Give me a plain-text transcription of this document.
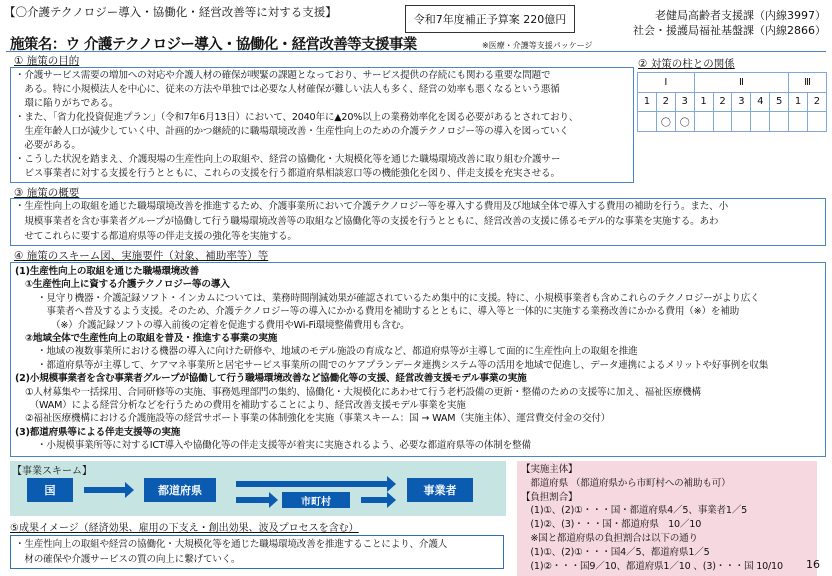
【〇介護テクノロジー導入・協働化・経営改善等に対する支援】
令和7年度補正予算案 220億円	老健局高齢者支援課（内線3997）
社会・援護局福祉基盤課（内線2866）
施策名：ウ 介護テクノロジー導入・協働化・経営改善等支援事業	※医療・介護等支援パッケージ
① 施策の目的
・介護サービス需要の増加への対応や介護人材の確保が喫緊の課題となっており、サービス提供の存続にも関わる重要な問題で
　ある。特に小規模法人を中心に、従来の方法や単独では必要な人材確保が難しい法人も多く、経営の効率も悪くなるという悪循
　環に陥りがちである。
・また、「省力化投資促進プラン」（令和7年6月13日）において、2040年に▲20%以上の業務効率化を図る必要があるとされており、
　生産年齢人口が減少していく中、計画的かつ継続的に職場環境改善・生産性向上のための介護テクノロジー等の導入を図っていく
　必要がある。
・こうした状況を踏まえ、介護現場の生産性向上の取組や、経営の協働化・大規模化等を通じた職場環境改善に取り組む介護サー
　ビス事業者に対する支援を行うとともに、これらの支援を行う都道府県相談窓口等の機能強化を図り、伴走支援を充実させる。
② 対策の柱との関係
Ⅰ			Ⅱ					Ⅲ	
1	2	3	1	2	3	4	5	1	2
	〇	〇							
③ 施策の概要
・生産性向上の取組を通じた職場環境改善を推進するため、介護事業所において介護テクノロジー等を導入する費用及び地域全体で導入する費用の補助を行う。また、小
　規模事業者を含む事業者グループが協働して行う職場環境改善等の取組など協働化等の支援を行うとともに、経営改善の支援に係るモデル的な事業を実施する。あわ
　せてこれらに要する都道府県等の伴走支援の強化等を実施する。
④ 施策のスキーム図、実施要件（対象、補助率等）等
(1)生産性向上の取組を通じた職場環境改善
①生産性向上に資する介護テクノロジー等の導入
・見守り機器・介護記録ソフト・インカムについては、業務時間削減効果が確認されているため集中的に支援。特に、小規模事業者も含めこれらのテクノロジーがより広く
　事業者へ普及するよう支援。そのため、介護テクノロジー等の導入にかかる費用を補助するとともに、導入等と一体的に実施する業務改善にかかる費用（※）を補助
　　（※）介護記録ソフトの導入前後の定着を促進する費用やWi-Fi環境整備費用も含む。
②地域全体で生産性向上の取組を普及・推進する事業の実施
・地域の複数事業所における機器の導入に向けた研修や、地域のモデル施設の育成など、都道府県等が主導して面的に生産性向上の取組を推進
・都道府県等が主導して、ケアマネ事業所と居宅サービス事業所の間でのケアプランデータ連携システム等の活用を地域で促進し、データ連携によるメリットや好事例を収集
(2)小規模事業者を含む事業者グループが協働して行う職場環境改善など協働化等の支援、経営改善支援モデル事業の実施
①人材募集や一括採用、合同研修等の実施、事務処理部門の集約、協働化・大規模化にあわせて行う老朽設備の更新・整備のための支援等に加え、福祉医療機構
　（WAM）による経営分析などを行うための費用を補助することにより、経営改善支援モデル事業を実施
②福祉医療機構における介護施設等の経営サポート事業の体制強化を実施（事業スキーム：国 → WAM（実施主体）、運営費交付金の交付）
(3)都道府県等による伴走支援等の実施
・小規模事業所等に対するICT導入や協働化等の伴走支援等が着実に実施されるよう、必要な都道府県等の体制を整備
【事業スキーム】
国	都道府県
市町村
事業者
⑤成果イメージ（経済効果、雇用の下支え・創出効果、波及プロセスを含む）
・生産性向上の取組や経営の協働化・大規模化等を通じた職場環境改善を推進することにより、介護人
　材の確保や介護サービスの質の向上に繋げていく。
【実施主体】
　都道府県 （都道府県から市町村への補助も可）
【負担割合】
　(1)①、(2)①・・・国・都道府県4／5、事業者1／5
　(1)②、(3)・・・国・都道府県　10／10
　※国と都道府県の負担割合は以下の通り
　(1)①、(2)①・・・国4／5、都道府県1／5
　(1)②・・・国9／10、都道府県1／10 、(3)・・・国 10/10	16
